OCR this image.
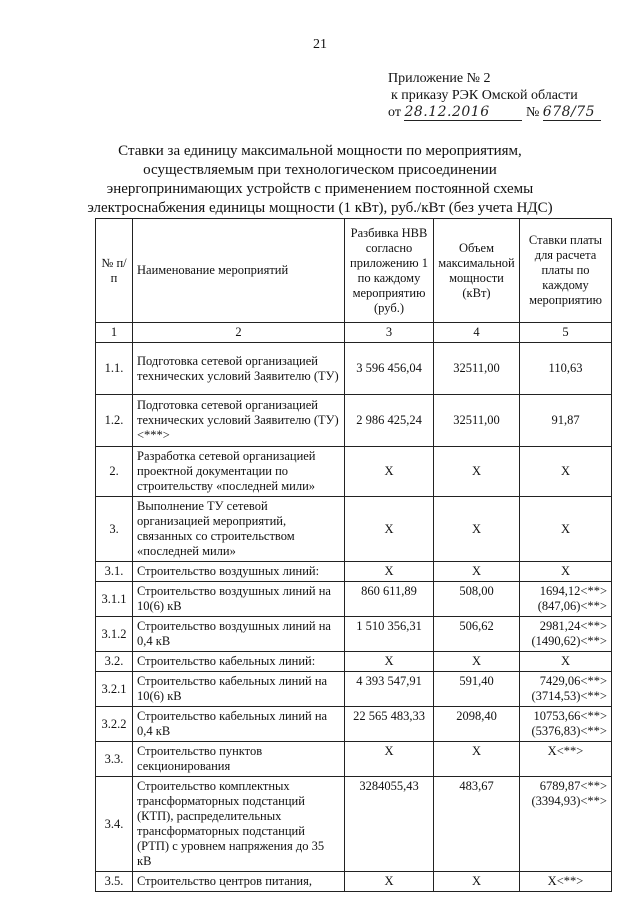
21
Приложение № 2
к приказу РЭК Омской области
от 28.12.2016	№ 678/75
Ставки за единицу максимальной мощности по мероприятиям, осуществляемым при технологическом присоединении энергопринимающих устройств с применением постоянной схемы электроснабжения единицы мощности (1 кВт), руб./кВт (без учета НДС)
№ п/п	Наименование мероприятий	Разбивка НВВ согласно приложению 1 по каждому мероприятию (руб.)	Объем максимальной мощности (кВт)	Ставки платы для расчета платы по каждому мероприятию
1	2	3	4	5
1.1.	Подготовка сетевой организацией технических условий Заявителю (ТУ)	3 596 456,04	32511,00	110,63
1.2.	Подготовка сетевой организацией технических условий Заявителю (ТУ) <***>	2 986 425,24	32511,00	91,87
2.	Разработка сетевой организацией проектной документации по строительству «последней мили»	Х	Х	Х
3.	Выполнение ТУ сетевой организацией мероприятий, связанных со строительством «последней мили»	Х	Х	Х
3.1.	Строительство воздушных линий:	Х	Х	Х
3.1.1	Строительство воздушных линий на 10(6) кВ	860 611,89	508,00	1694,12<**> (847,06)<**>
3.1.2	Строительство воздушных линий на 0,4 кВ	1 510 356,31	506,62	2981,24<**> (1490,62)<**>
3.2.	Строительство кабельных линий:	Х	Х	Х
3.2.1	Строительство кабельных линий на 10(6) кВ	4 393 547,91	591,40	7429,06<**> (3714,53)<**>
3.2.2	Строительство кабельных линий на 0,4 кВ	22 565 483,33	2098,40	10753,66<**> (5376,83)<**>
3.3.	Строительство пунктов секционирования	Х	Х	Х<**>
3.4.	Строительство комплектных трансформаторных подстанций (КТП), распределительных трансформаторных подстанций (РТП) с уровнем напряжения до 35 кВ	3284055,43	483,67	6789,87<**> (3394,93)<**>
3.5.	Строительство центров питания,	Х	Х	Х<**>
